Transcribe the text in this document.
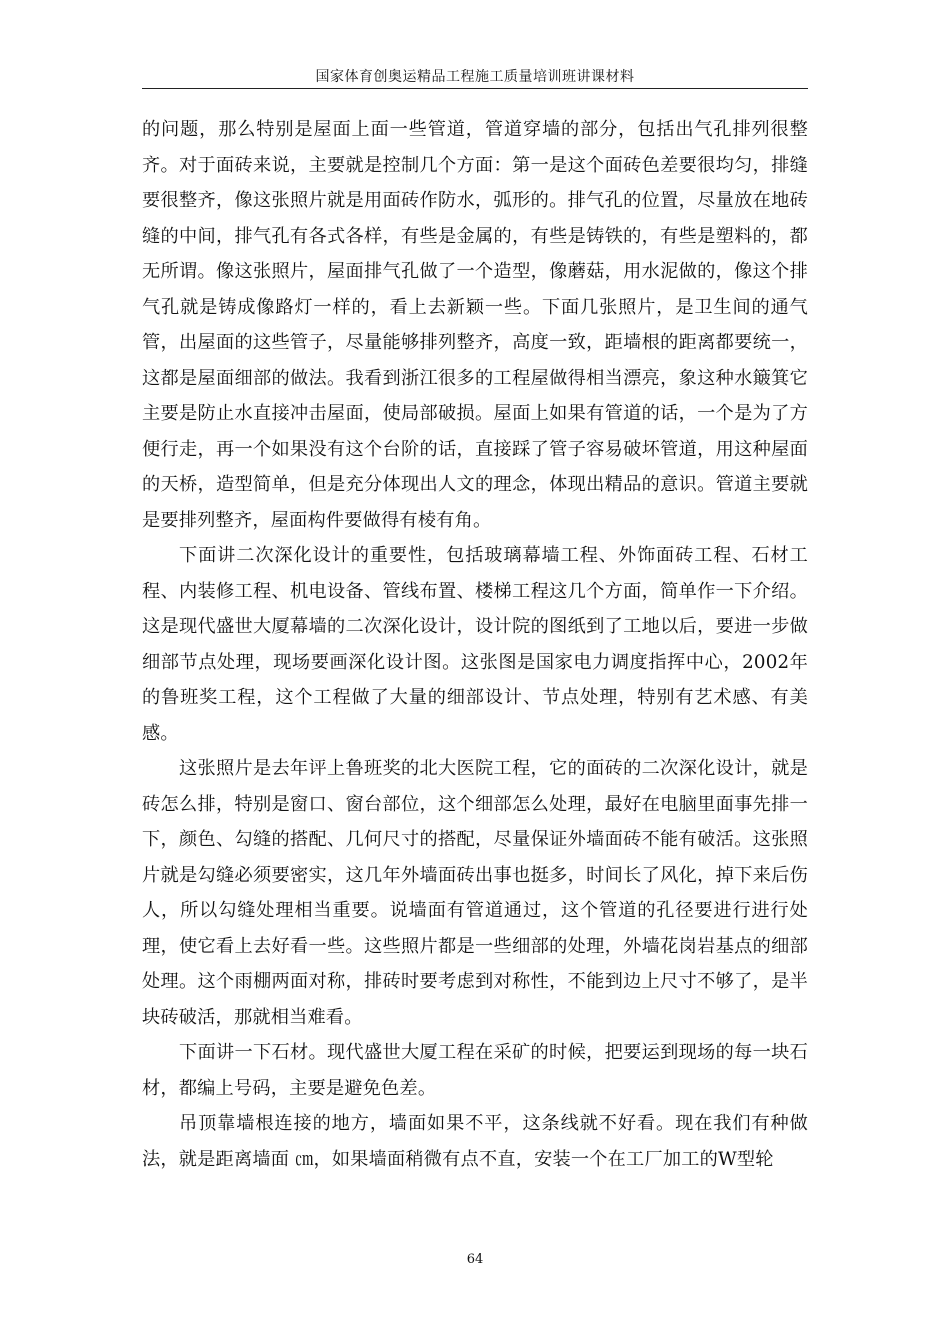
国家体育创奥运精品工程施工质量培训班讲课材料

的问题，那么特别是屋面上面一些管道，管道穿墙的部分，包括出气孔排列很整齐。对于面砖来说，主要就是控制几个方面：第一是这个面砖色差要很均匀，排缝要很整齐，像这张照片就是用面砖作防水，弧形的。排气孔的位置，尽量放在地砖缝的中间，排气孔有各式各样，有些是金属的，有些是铸铁的，有些是塑料的，都无所谓。像这张照片，屋面排气孔做了一个造型，像蘑菇，用水泥做的，像这个排气孔就是铸成像路灯一样的，看上去新颖一些。下面几张照片，是卫生间的通气管，出屋面的这些管子，尽量能够排列整齐，高度一致，距墙根的距离都要统一，这都是屋面细部的做法。我看到浙江很多的工程屋做得相当漂亮，象这种水簸箕它主要是防止水直接冲击屋面，使局部破损。屋面上如果有管道的话，一个是为了方便行走，再一个如果没有这个台阶的话，直接踩了管子容易破坏管道，用这种屋面的天桥，造型简单，但是充分体现出人文的理念，体现出精品的意识。管道主要就是要排列整齐，屋面构件要做得有棱有角。

下面讲二次深化设计的重要性，包括玻璃幕墙工程、外饰面砖工程、石材工程、内装修工程、机电设备、管线布置、楼梯工程这几个方面，简单作一下介绍。这是现代盛世大厦幕墙的二次深化设计，设计院的图纸到了工地以后，要进一步做细部节点处理，现场要画深化设计图。这张图是国家电力调度指挥中心，2002年的鲁班奖工程，这个工程做了大量的细部设计、节点处理，特别有艺术感、有美感。

这张照片是去年评上鲁班奖的北大医院工程，它的面砖的二次深化设计，就是砖怎么排，特别是窗口、窗台部位，这个细部怎么处理，最好在电脑里面事先排一下，颜色、勾缝的搭配、几何尺寸的搭配，尽量保证外墙面砖不能有破活。这张照片就是勾缝必须要密实，这几年外墙面砖出事也挺多，时间长了风化，掉下来后伤人，所以勾缝处理相当重要。说墙面有管道通过，这个管道的孔径要进行进行处理，使它看上去好看一些。这些照片都是一些细部的处理，外墙花岗岩基点的细部处理。这个雨棚两面对称，排砖时要考虑到对称性，不能到边上尺寸不够了，是半块砖破活，那就相当难看。

下面讲一下石材。现代盛世大厦工程在采矿的时候，把要运到现场的每一块石材，都编上号码，主要是避免色差。

吊顶靠墙根连接的地方，墙面如果不平，这条线就不好看。现在我们有种做法，就是距离墙面 ㎝，如果墙面稍微有点不直，安装一个在工厂加工的W型轮

64
